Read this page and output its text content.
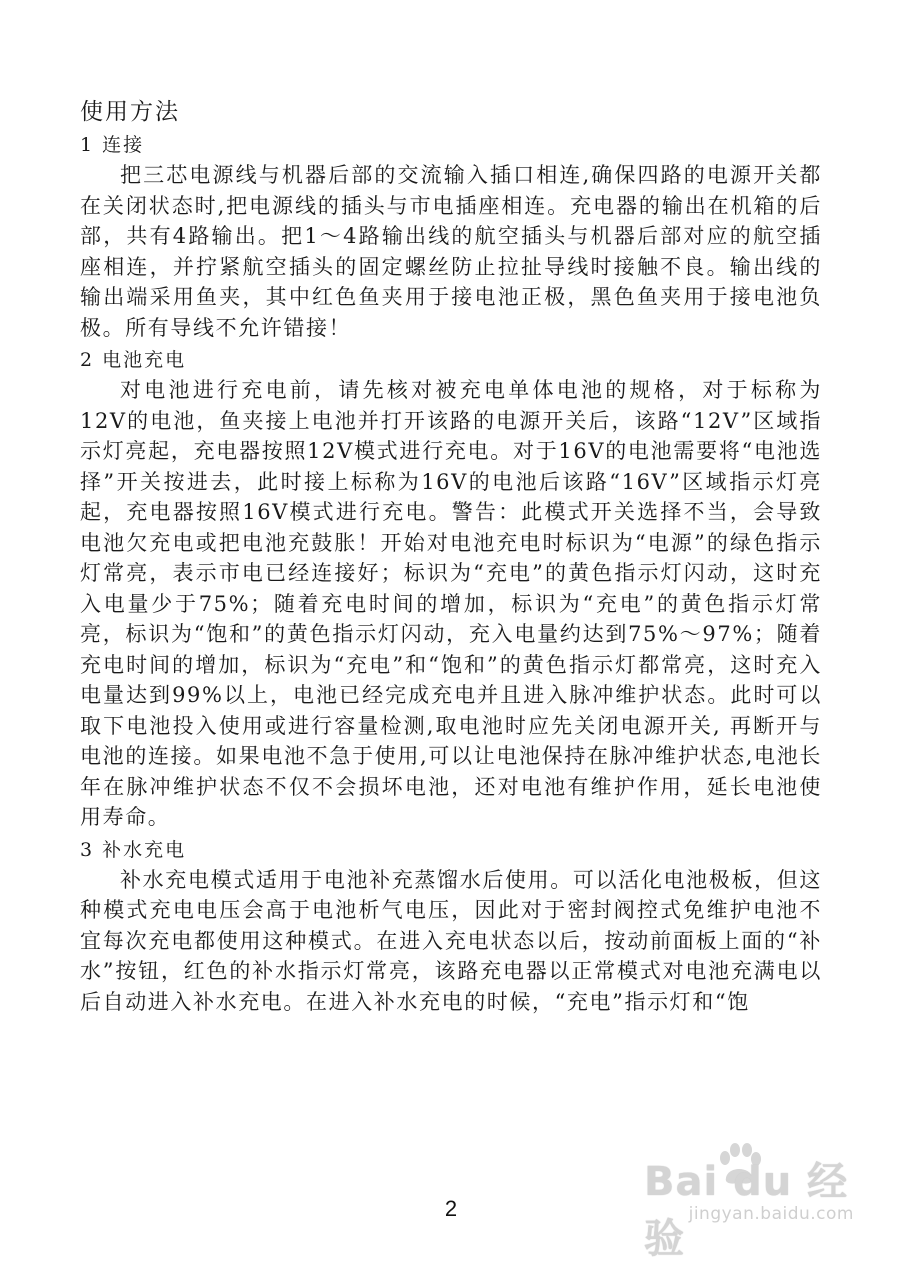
使用方法
1 连接

把三芯电源线与机器后部的交流输入插口相连,确保四路的电源开关都在关闭状态时,把电源线的插头与市电插座相连。充电器的输出在机箱的后部，共有4路输出。把1～4路输出线的航空插头与机器后部对应的航空插座相连，并拧紧航空插头的固定螺丝防止拉扯导线时接触不良。输出线的输出端采用鱼夹，其中红色鱼夹用于接电池正极，黑色鱼夹用于接电池负极。所有导线不允许错接！

2 电池充电

对电池进行充电前，请先核对被充电单体电池的规格，对于标称为12V的电池，鱼夹接上电池并打开该路的电源开关后，该路“12V”区域指示灯亮起，充电器按照12V模式进行充电。对于16V的电池需要将“电池选择”开关按进去，此时接上标称为16V的电池后该路“16V”区域指示灯亮起，充电器按照16V模式进行充电。警告：此模式开关选择不当，会导致电池欠充电或把电池充鼓胀！开始对电池充电时标识为“电源”的绿色指示灯常亮，表示市电已经连接好；标识为“充电”的黄色指示灯闪动，这时充入电量少于75%；随着充电时间的增加，标识为“充电”的黄色指示灯常亮，标识为“饱和”的黄色指示灯闪动，充入电量约达到75%～97%；随着充电时间的增加，标识为“充电”和“饱和”的黄色指示灯都常亮，这时充入电量达到99%以上，电池已经完成充电并且进入脉冲维护状态。此时可以取下电池投入使用或进行容量检测,取电池时应先关闭电源开关, 再断开与电池的连接。如果电池不急于使用,可以让电池保持在脉冲维护状态,电池长年在脉冲维护状态不仅不会损坏电池，还对电池有维护作用，延长电池使用寿命。

3 补水充电

补水充电模式适用于电池补充蒸馏水后使用。可以活化电池极板，但这种模式充电电压会高于电池析气电压，因此对于密封阀控式免维护电池不宜每次充电都使用这种模式。在进入充电状态以后，按动前面板上面的“补水”按钮，红色的补水指示灯常亮，该路充电器以正常模式对电池充满电以后自动进入补水充电。在进入补水充电的时候，“充电”指示灯和“饱

2
Bai du 经验
jingyan.baidu.com
